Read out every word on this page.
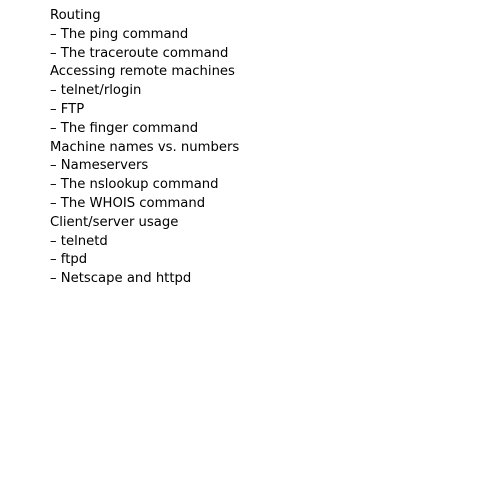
Routing
– The ping command
– The traceroute command
Accessing remote machines
– telnet/rlogin
– FTP
– The finger command
Machine names vs. numbers
– Nameservers
– The nslookup command
– The WHOIS command
Client/server usage
– telnetd
– ftpd
– Netscape and httpd
